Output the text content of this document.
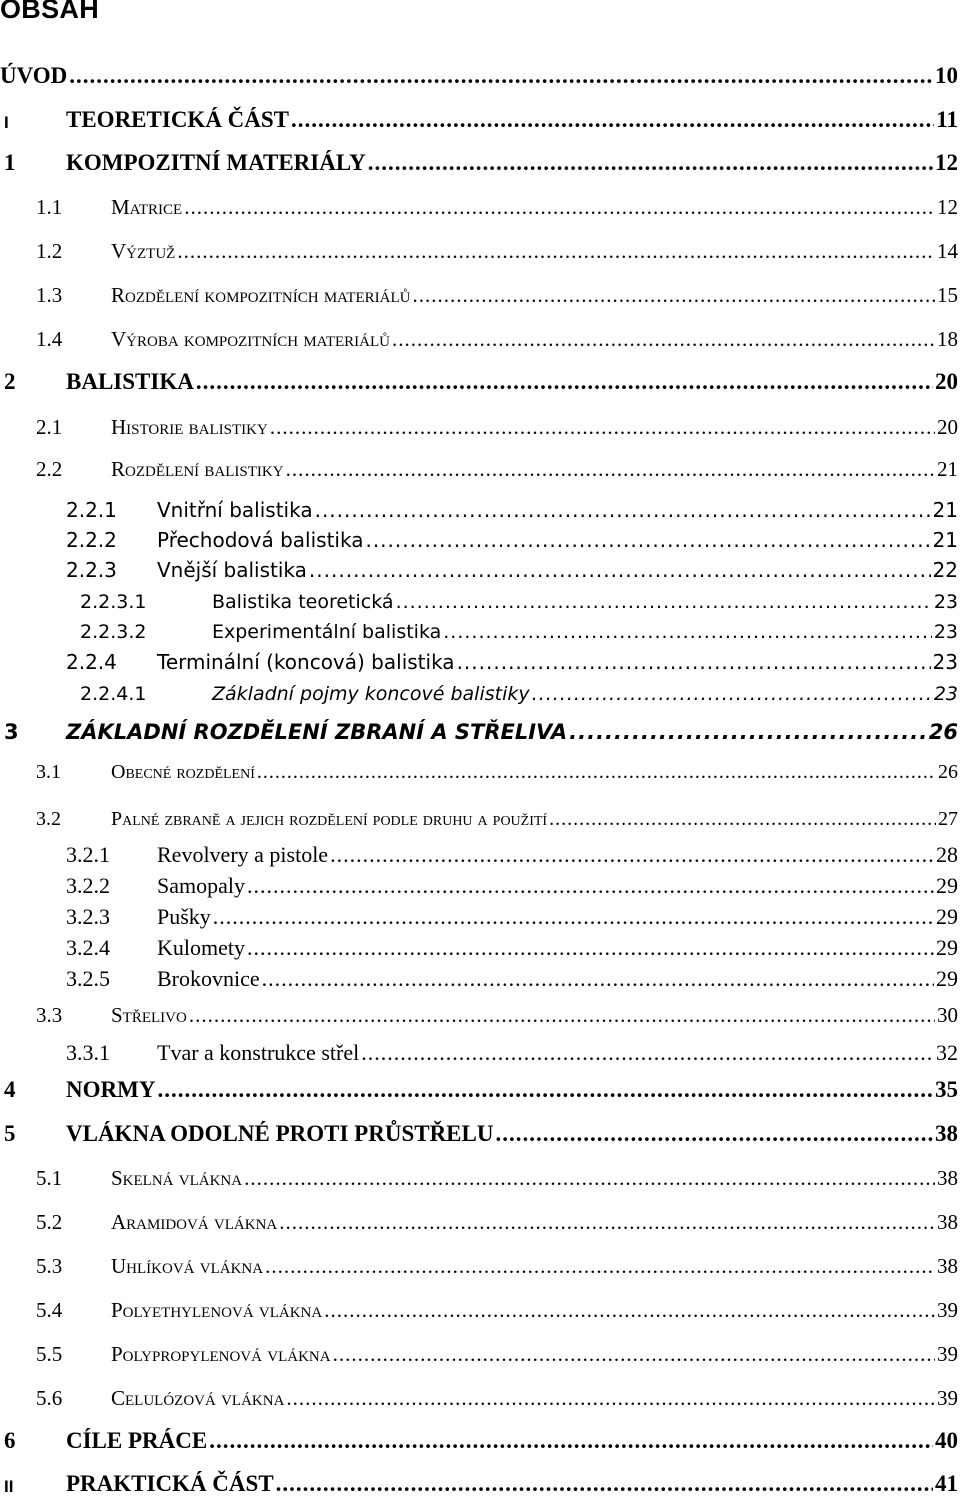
OBSAH
ÚVOD .....	10
I TEORETICKÁ ČÁST .....	11
1 KOMPOZITNÍ MATERIÁLY .....	12
1.1 Matrice .....	12
1.2 Výztuž .....	14
1.3 Rozdělení kompozitních materiálů .....	15
1.4 Výroba kompozitních materiálů .....	18
2 BALISTIKA .....	20
2.1 Historie balistiky .....	20
2.2 Rozdělení balistiky .....	21
2.2.1 Vnitřní balistika .....	21
2.2.2 Přechodová balistika .....	21
2.2.3 Vnější balistika .....	22
2.2.3.1	Balistika teoretická .....	23
2.2.3.2	Experimentální balistika .....	23
2.2.4 Terminální (koncová) balistika .....	23
2.2.4.1	Základní pojmy koncové balistiky .....	23
3 ZÁKLADNÍ ROZDĚLENÍ ZBRANÍ A STŘELIVA .....	26
3.1	Obecné rozdělení .....	26
3.2	Palné zbraně a jejich rozdělení podle druhu a použití .....	27
3.2.1 Revolvery a pistole .....	28
3.2.2 Samopaly .....	29
3.2.3 Pušky .....	29
3.2.4 Kulomety .....	29
3.2.5 Brokovnice .....	29
3.3 Střelivo .....	30
3.3.1 Tvar a konstrukce střel .....	32
4 NORMY .....	35
5 VLÁKNA ODOLNÉ PROTI PRŮSTŘELU .....	38
5.1 Skelná vlákna .....	38
5.2 Aramidová vlákna .....	38
5.3 Uhlíková vlákna .....	38
5.4 Polyethylenová vlákna .....	39
5.5 Polypropylenová vlákna .....	39
5.6 Celulózová vlákna .....	39
6 CÍLE PRÁCE .....	40
II PRAKTICKÁ ČÁST .....	41
